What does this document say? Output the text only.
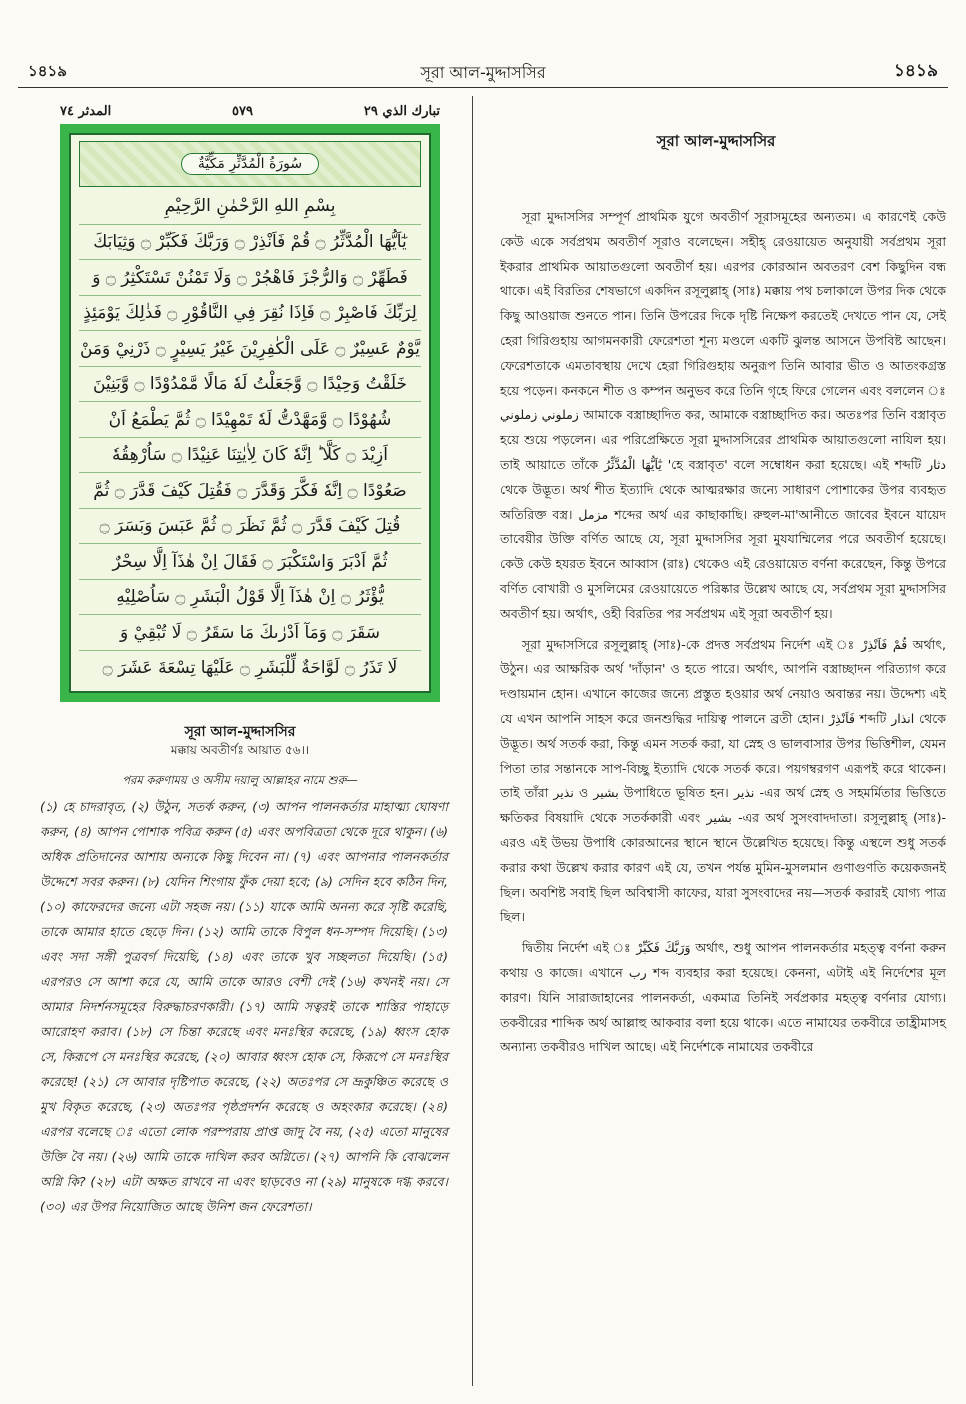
১৪১৯	সূরা আল-মুদ্দাসসির	১৪১৯
المدثر ٧٤	٥٧٩	تبارك الذي ٢٩
سُورَةُ الْمُدَّثِّرِ مَكِّيَّةٌ
بِسْمِ اللهِ الرَّحْمٰنِ الرَّحِيْمِ
يٰٓاَيُّهَا الْمُدَّثِّرُ ۝ قُمْ فَاَنْذِرْ ۝ وَرَبَّكَ فَكَبِّرْ ۝ وَثِيَابَكَ
فَطَهِّرْ ۝ وَالرُّجْزَ فَاهْجُرْ ۝ وَلَا تَمْنُنْ تَسْتَكْثِرُ ۝ وَ
لِرَبِّكَ فَاصْبِرْ ۝ فَاِذَا نُقِرَ فِي النَّاقُوْرِ ۝ فَذٰلِكَ يَوْمَئِذٍ
يَّوْمٌ عَسِيْرٌ ۝ عَلَى الْكٰفِرِيْنَ غَيْرُ يَسِيْرٍ ۝ ذَرْنِيْ وَمَنْ
خَلَقْتُ وَحِيْدًا ۝ وَّجَعَلْتُ لَهٗ مَالًا مَّمْدُوْدًا ۝ وَّبَنِيْنَ
شُهُوْدًا ۝ وَّمَهَّدْتُّ لَهٗ تَمْهِيْدًا ۝ ثُمَّ يَطْمَعُ اَنْ
اَزِيْدَ ۝ كَلَّا ؕ اِنَّهٗ كَانَ لِاٰيٰتِنَا عَنِيْدًا ۝ سَاُرْهِقُهٗ
صَعُوْدًا ۝ اِنَّهٗ فَكَّرَ وَقَدَّرَ ۝ فَقُتِلَ كَيْفَ قَدَّرَ ۝ ثُمَّ
قُتِلَ كَيْفَ قَدَّرَ ۝ ثُمَّ نَظَرَ ۝ ثُمَّ عَبَسَ وَبَسَرَ ۝
ثُمَّ اَدْبَرَ وَاسْتَكْبَرَ ۝ فَقَالَ اِنْ هٰذَآ اِلَّا سِحْرٌ
يُّؤْثَرُ ۝ اِنْ هٰذَآ اِلَّا قَوْلُ الْبَشَرِ ۝ سَاُصْلِيْهِ
سَقَرَ ۝ وَمَآ اَدْرٰىكَ مَا سَقَرُ ۝ لَا تُبْقِيْ وَ
لَا تَذَرُ ۝ لَوَّاحَةٌ لِّلْبَشَرِ ۝ عَلَيْهَا تِسْعَةَ عَشَرَ ۝
সূরা আল-মুদ্দাসসির
মক্কায় অবতীর্ণঃ আয়াত ৫৬।।
পরম করুণাময় ও অসীম দয়ালু আল্লাহর নামে শুরু—
(১) হে চাদরাবৃত, (২) উঠুন, সতর্ক করুন, (৩) আপন পালনকর্তার মাহাত্ম্য ঘোষণা করুন, (৪) আপন পোশাক পবিত্র করুন (৫) এবং অপবিত্রতা থেকে দূরে থাকুন। (৬) অধিক প্রতিদানের আশায় অন্যকে কিছু দিবেন না। (৭) এবং আপনার পালনকর্তার উদ্দেশে সবর করুন। (৮) যেদিন শিংগায় ফুঁক দেয়া হবে; (৯) সেদিন হবে কঠিন দিন, (১০) কাফেরদের জন্যে এটা সহজ নয়। (১১) যাকে আমি অনন্য করে সৃষ্টি করেছি, তাকে আমার হাতে ছেড়ে দিন। (১২) আমি তাকে বিপুল ধন-সম্পদ দিয়েছি। (১৩) এবং সদা সঙ্গী পুত্রবর্গ দিয়েছি, (১৪) এবং তাকে খুব সচ্ছলতা দিয়েছি। (১৫) এরপরও সে আশা করে যে, আমি তাকে আরও বেশী দেই (১৬) কখনই নয়। সে আমার নিদর্শনসমূহের বিরুদ্ধাচরণকারী। (১৭) আমি সত্বরই তাকে শাস্তির পাহাড়ে আরোহণ করাব। (১৮) সে চিন্তা করেছে এবং মনঃস্থির করেছে, (১৯) ধ্বংস হোক সে, কিরূপে সে মনঃস্থির করেছে, (২০) আবার ধ্বংস হোক সে, কিরূপে সে মনঃস্থির করেছে! (২১) সে আবার দৃষ্টিপাত করেছে, (২২) অতঃপর সে ভ্রূকুঞ্চিত করেছে ও মুখ বিকৃত করেছে, (২৩) অতঃপর পৃষ্ঠপ্রদর্শন করেছে ও অহংকার করেছে। (২৪) এরপর বলেছে ঃ এতো লোক পরম্পরায় প্রাপ্ত জাদু বৈ নয়, (২৫) এতো মানুষের উক্তি বৈ নয়। (২৬) আমি তাকে দাখিল করব অগ্নিতে। (২৭) আপনি কি বোঝলেন অগ্নি কি? (২৮) এটা অক্ষত রাখবে না এবং ছাড়বেও না (২৯) মানুষকে দগ্ধ করবে। (৩০) এর উপর নিয়োজিত আছে উনিশ জন ফেরেশতা।
সূরা আল-মুদ্দাসসির

সূরা মুদ্দাসসির সম্পূর্ণ প্রাথমিক যুগে অবতীর্ণ সূরাসমূহের অন্যতম। এ কারণেই কেউ কেউ একে সর্বপ্রথম অবতীর্ণ সূরাও বলেছেন। সহীহ্ রেওয়ায়েত অনুযায়ী সর্বপ্রথম সূরা ইকরার প্রাথমিক আয়াতগুলো অবতীর্ণ হয়। এরপর কোরআন অবতরণ বেশ কিছুদিন বন্ধ থাকে। এই বিরতির শেষভাগে একদিন রসূলুল্লাহ্ (সাঃ) মক্কায় পথ চলাকালে উপর দিক থেকে কিছু আওয়াজ শুনতে পান। তিনি উপরের দিকে দৃষ্টি নিক্ষেপ করতেই দেখতে পান যে, সেই হেরা গিরিগুহায় আগমনকারী ফেরেশতা শূন্য মণ্ডলে একটি ঝুলন্ত আসনে উপবিষ্ট আছেন। ফেরেশতাকে এমতাবস্থায় দেখে হেরা গিরিগুহায় অনুরূপ তিনি আবার ভীত ও আতংকগ্রস্ত হয়ে পড়েন। কনকনে শীত ও কম্পন অনুভব করে তিনি গৃহে ফিরে গেলেন এবং বললেন ঃ زملوني زملوني আমাকে বস্ত্রাচ্ছাদিত কর, আমাকে বস্ত্রাচ্ছাদিত কর। অতঃপর তিনি বস্ত্রাবৃত হয়ে শুয়ে পড়লেন। এর পরিপ্রেক্ষিতে সূরা মুদ্দাসসিরের প্রাথমিক আয়াতগুলো নাযিল হয়। তাই আয়াতে তাঁকে يٰٓاَيُّهَا الْمُدَّثِّرُ 'হে বস্ত্রাবৃত' বলে সম্বোধন করা হয়েছে। এই শব্দটি دثار থেকে উদ্ভূত। অর্থ শীত ইত্যাদি থেকে আত্মরক্ষার জন্যে সাধারণ পোশাকের উপর ব্যবহৃত অতিরিক্ত বস্ত্র। مزمل শব্দের অর্থ এর কাছাকাছি। রুহুল-মা'আনীতে জাবের ইবনে যায়েদ তাবেয়ীর উক্তি বর্ণিত আছে যে, সূরা মুদ্দাসসির সূরা মুযযাম্মিলের পরে অবতীর্ণ হয়েছে। কেউ কেউ হযরত ইবনে আব্বাস (রাঃ) থেকেও এই রেওয়ায়েত বর্ণনা করেছেন, কিন্তু উপরে বর্ণিত বোখারী ও মুসলিমের রেওয়ায়েতে পরিষ্কার উল্লেখ আছে যে, সর্বপ্রথম সূরা মুদ্দাসসির অবতীর্ণ হয়। অর্থাৎ, ওহী বিরতির পর সর্বপ্রথম এই সূরা অবতীর্ণ হয়।

সূরা মুদ্দাসসিরে রসূলুল্লাহ্ (সাঃ)-কে প্রদত্ত সর্বপ্রথম নির্দেশ এই ঃ قُمْ فَاَنْذِرْ অর্থাৎ, উঠুন। এর আক্ষরিক অর্থ 'দাঁড়ান' ও হতে পারে। অর্থাৎ, আপনি বস্ত্রাচ্ছাদন পরিত্যাগ করে দণ্ডায়মান হোন। এখানে কাজের জন্যে প্রস্তুত হওয়ার অর্থ নেয়াও অবান্তর নয়। উদ্দেশ্য এই যে এখন আপনি সাহস করে জনশুদ্ধির দায়িত্ব পালনে ব্রতী হোন। فَاَنْذِرْ শব্দটি انذار থেকে উদ্ভূত। অর্থ সতর্ক করা, কিন্তু এমন সতর্ক করা, যা স্নেহ ও ভালবাসার উপর ভিত্তিশীল, যেমন পিতা তার সন্তানকে সাপ-বিচ্ছু ইত্যাদি থেকে সতর্ক করে। পয়গম্বরগণ এরূপই করে থাকেন। তাই তাঁরা نذير ও بشير উপাধিতে ভূষিত হন। نذير -এর অর্থ স্নেহ ও সহমর্মিতার ভিত্তিতে ক্ষতিকর বিষয়াদি থেকে সতর্ককারী এবং بشير -এর অর্থ সুসংবাদদাতা। রসূলুল্লাহ্ (সাঃ)-এরও এই উভয় উপাধি কোরআনের স্থানে স্থানে উল্লেখিত হয়েছে। কিন্তু এস্থলে শুধু সতর্ক করার কথা উল্লেখ করার কারণ এই যে, তখন পর্যন্ত মুমিন-মুসলমান গুণাগুণতি কয়েকজনই ছিল। অবশিষ্ট সবাই ছিল অবিশ্বাসী কাফের, যারা সুসংবাদের নয়—সতর্ক করারই যোগ্য পাত্র ছিল।

দ্বিতীয় নির্দেশ এই ঃ وَرَبَّكَ فَكَبِّرْ অর্থাৎ, শুধু আপন পালনকর্তার মহত্ত্ব বর্ণনা করুন কথায় ও কাজে। এখানে رب শব্দ ব্যবহার করা হয়েছে। কেননা, এটাই এই নির্দেশের মূল কারণ। যিনি সারাজাহানের পালনকর্তা, একমাত্র তিনিই সর্বপ্রকার মহত্ত্ব বর্ণনার যোগ্য। তকবীরের শাব্দিক অর্থ আল্লাহু আকবার বলা হয়ে থাকে। এতে নামাযের তকবীরে তাহ্রীমাসহ অন্যান্য তকবীরও দাখিল আছে। এই নির্দেশকে নামাযের তকবীরে
